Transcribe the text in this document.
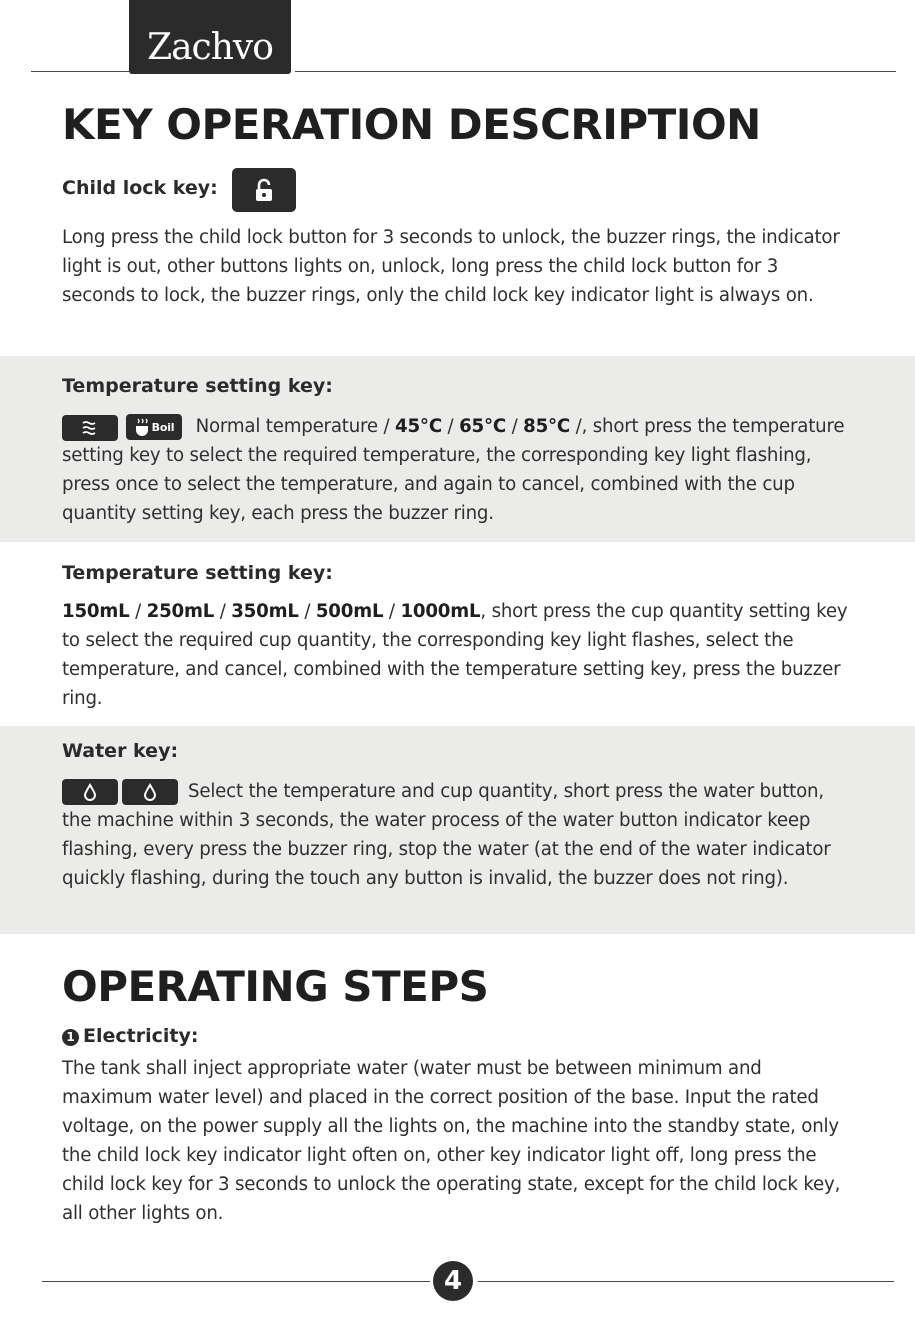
Zachvo
KEY OPERATION DESCRIPTION
Child lock key:

Long press the child lock button for 3 seconds to unlock, the buzzer rings, the indicator light is out, other buttons lights on, unlock, long press the child lock button for 3 seconds to lock, the buzzer rings, only the child lock key indicator light is always on.

Temperature setting key:

Boil Normal temperature / 45°C / 65°C / 85°C /, short press the temperature setting key to select the required temperature, the corresponding key light flashing, press once to select the temperature, and again to cancel, combined with the cup quantity setting key, each press the buzzer ring.

Temperature setting key:

150mL / 250mL / 350mL / 500mL / 1000mL, short press the cup quantity setting key to select the required cup quantity, the corresponding key light flashes, select the temperature, and cancel, combined with the temperature setting key, press the buzzer ring.

Water key:

Select the temperature and cup quantity, short press the water button, the machine within 3 seconds, the water process of the water button indicator keep flashing, every press the buzzer ring, stop the water (at the end of the water indicator quickly flashing, during the touch any button is invalid, the buzzer does not ring).

OPERATING STEPS
1 Electricity:

The tank shall inject appropriate water (water must be between minimum and maximum water level) and placed in the correct position of the base. Input the rated voltage, on the power supply all the lights on, the machine into the standby state, only the child lock key indicator light often on, other key indicator light off, long press the child lock key for 3 seconds to unlock the operating state, except for the child lock key, all other lights on.

4
